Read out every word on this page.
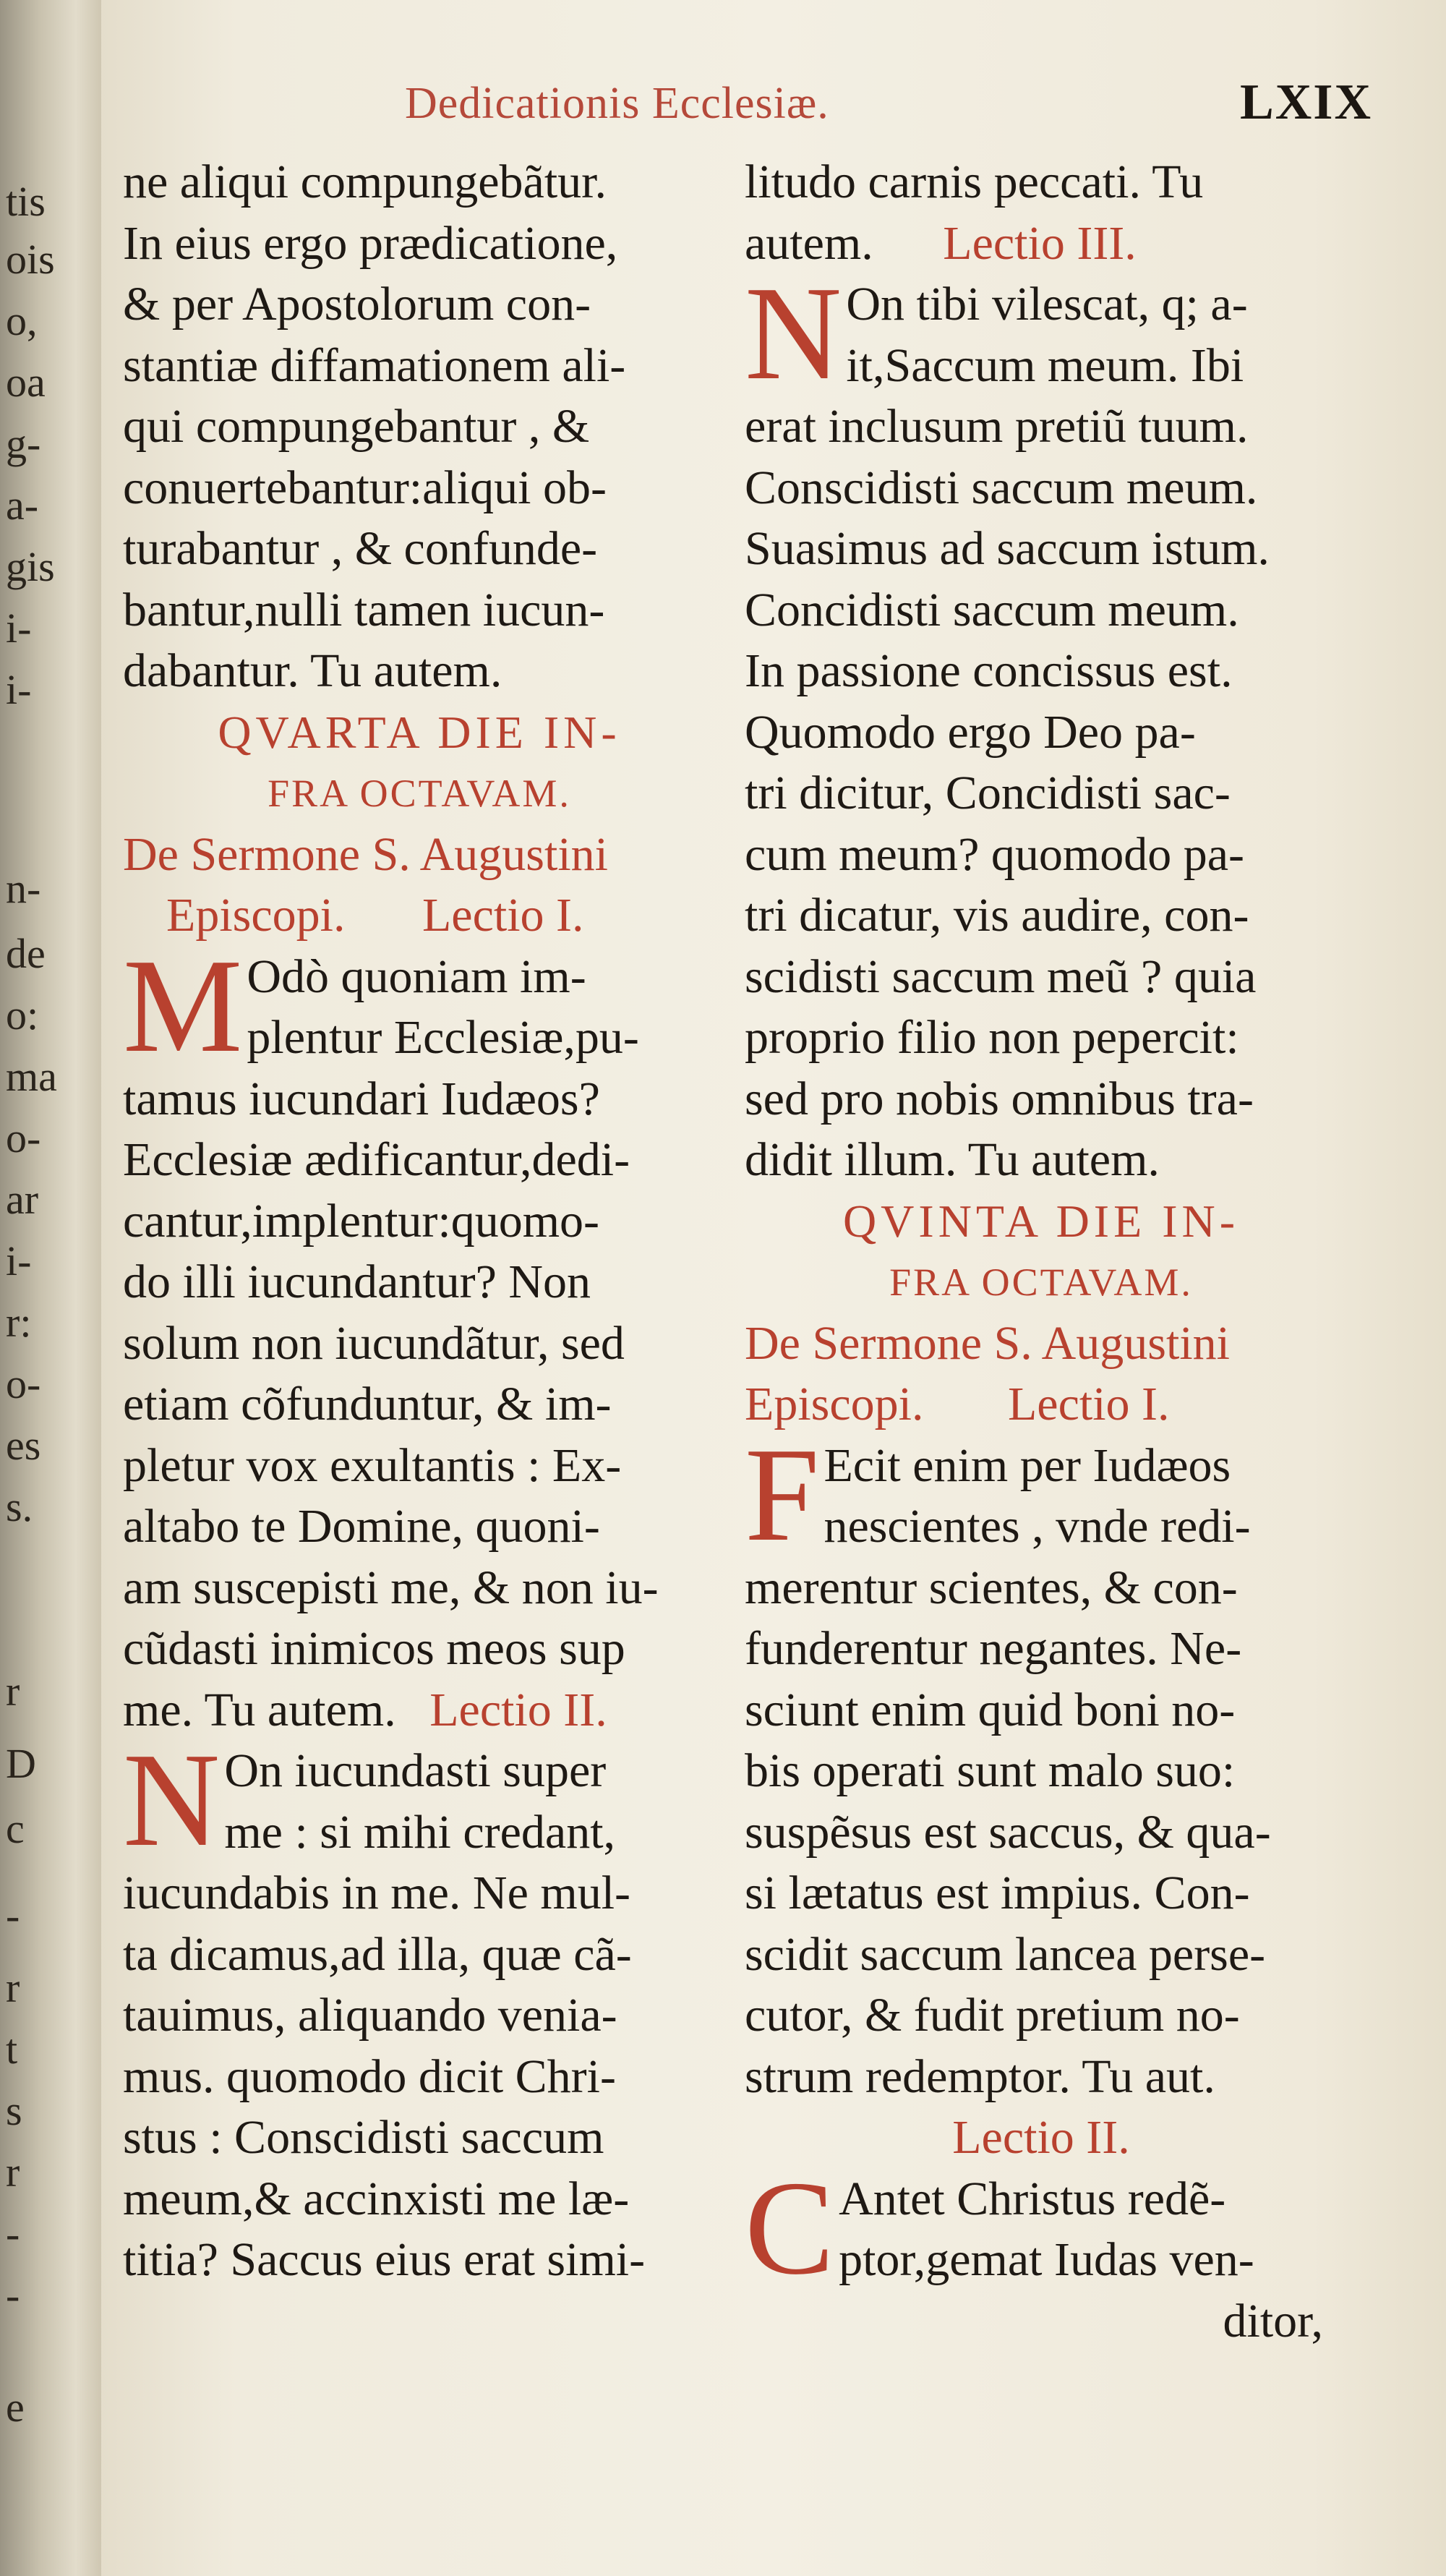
tis
ois
o,
oa
g-
a-
gis
i-
i-
n-
de
o:
ma
o-
ar
i-
r:
o-
es
s.
r
D
c
-
r
t
s
r
-
-
e
Dedicationis Ecclesiæ.	LXIX
ne aliqui compungebãtur.
In eius ergo prædicatione,
& per Apostolorum con-
stantiæ diffamationem ali-
qui compungebantur , &
conuertebantur:aliqui ob-
turabantur , & confunde-
bantur,nulli tamen iucun-
dabantur. Tu autem.
QVARTA DIE IN-
FRA OCTAVAM.
De Sermone S. Augustini
Episcopi. Lectio I.
M Odò quoniam im-
plentur Ecclesiæ,pu-
tamus iucundari Iudæos?
Ecclesiæ ædificantur,dedi-
cantur,implentur:quomo-
do illi iucundantur? Non
solum non iucundãtur, sed
etiam cõfunduntur, & im-
pletur vox exultantis : Ex-
altabo te Domine, quoni-
am suscepisti me, & non iu-
cũdasti inimicos meos sup
me. Tu autem. Lectio II.
N On iucundasti super
me : si mihi credant,
iucundabis in me. Ne mul-
ta dicamus,ad illa, quæ cã-
tauimus, aliquando venia-
mus. quomodo dicit Chri-
stus : Conscidisti saccum
meum,& accinxisti me læ-
titia? Saccus eius erat simi-
litudo carnis peccati. Tu
autem. Lectio III.
N On tibi vilescat, q; a-
it,Saccum meum. Ibi
erat inclusum pretiũ tuum.
Conscidisti saccum meum.
Suasimus ad saccum istum.
Concidisti saccum meum.
In passione concissus est.
Quomodo ergo Deo pa-
tri dicitur, Concidisti sac-
cum meum? quomodo pa-
tri dicatur, vis audire, con-
scidisti saccum meũ ? quia
proprio filio non pepercit:
sed pro nobis omnibus tra-
didit illum. Tu autem.
QVINTA DIE IN-
FRA OCTAVAM.
De Sermone S. Augustini
Episcopi. Lectio I.
F Ecit enim per Iudæos
nescientes , vnde redi-
merentur scientes, & con-
funderentur negantes. Ne-
sciunt enim quid boni no-
bis operati sunt malo suo:
suspẽsus est saccus, & qua-
si lætatus est impius. Con-
scidit saccum lancea perse-
cutor, & fudit pretium no-
strum redemptor. Tu aut.
Lectio II.
C Antet Christus redẽ-
ptor,gemat Iudas ven-
ditor,
